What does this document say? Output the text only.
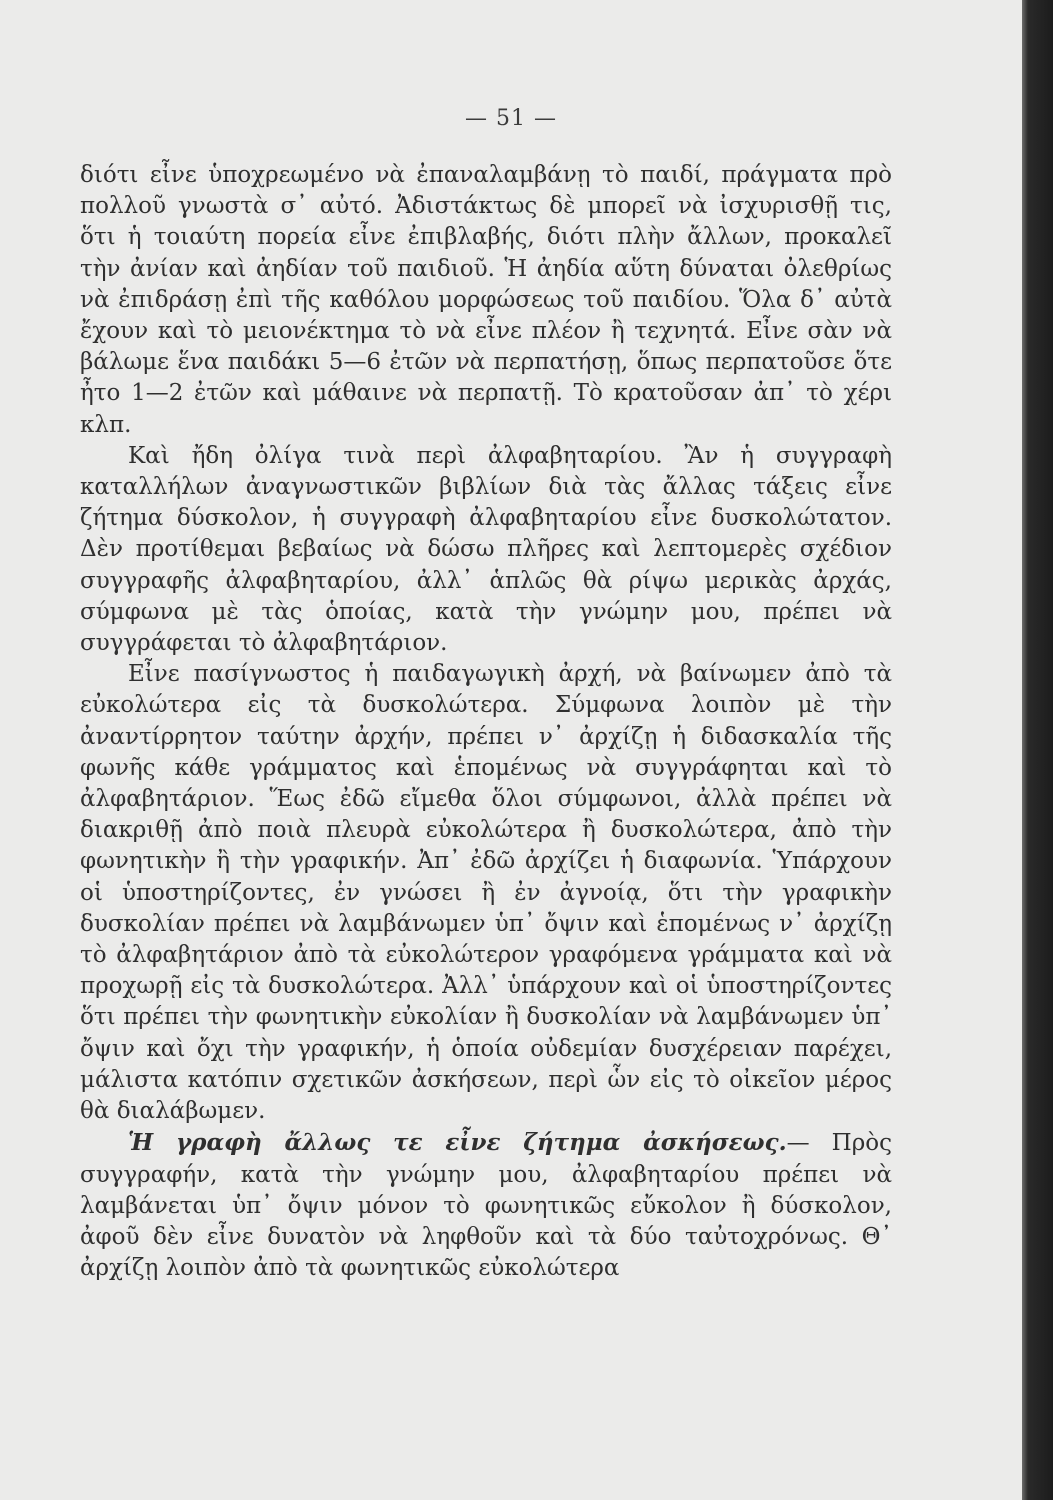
— 51 —

διότι εἶνε ὑποχρεωμένο νὰ ἐπαναλαμβάνῃ τὸ παιδί, πράγματα πρὸ πολλοῦ γνωστὰ σ᾿ αὐτό. Ἀδιστάκτως δὲ μπορεῖ νὰ ἰσχυρισθῇ τις, ὅτι ἡ τοιαύτη πορεία εἶνε ἐπιβλαβής, διότι πλὴν ἄλλων, προκαλεῖ τὴν ἀνίαν καὶ ἀηδίαν τοῦ παιδιοῦ. Ἡ ἀηδία αὕτη δύναται ὀλεθρίως νὰ ἐπιδράσῃ ἐπὶ τῆς καθόλου μορφώσεως τοῦ παιδίου. Ὅλα δ᾿ αὐτὰ ἔχουν καὶ τὸ μειονέκτημα τὸ νὰ εἶνε πλέον ἢ τεχνητά. Εἶνε σὰν νὰ βάλωμε ἕνα παιδάκι 5—6 ἐτῶν νὰ περπατήσῃ, ὅπως περπατοῦσε ὅτε ἦτο 1—2 ἐτῶν καὶ μάθαινε νὰ περπατῇ. Τὸ κρατοῦσαν ἀπ᾿ τὸ χέρι κλπ.

Καὶ ἤδη ὀλίγα τινὰ περὶ ἀλφαβηταρίου. Ἂν ἡ συγγραφὴ καταλλήλων ἀναγνωστικῶν βιβλίων διὰ τὰς ἄλλας τάξεις εἶνε ζήτημα δύσκολον, ἡ συγγραφὴ ἀλφαβηταρίου εἶνε δυσκολώτατον. Δὲν προτίθεμαι βεβαίως νὰ δώσω πλῆρες καὶ λεπτομερὲς σχέδιον συγγραφῆς ἀλφαβηταρίου, ἀλλ᾿ ἁπλῶς θὰ ρίψω μερικὰς ἀρχάς, σύμφωνα μὲ τὰς ὁποίας, κατὰ τὴν γνώμην μου, πρέπει νὰ συγγράφεται τὸ ἀλφαβητάριον.

Εἶνε πασίγνωστος ἡ παιδαγωγικὴ ἀρχή, νὰ βαίνωμεν ἀπὸ τὰ εὐκολώτερα εἰς τὰ δυσκολώτερα. Σύμφωνα λοιπὸν μὲ τὴν ἀναντίρρητον ταύτην ἀρχήν, πρέπει ν᾿ ἀρχίζῃ ἡ διδασκαλία τῆς φωνῆς κάθε γράμματος καὶ ἑπομένως νὰ συγγράφηται καὶ τὸ ἀλφαβητάριον. Ἕως ἐδῶ εἴμεθα ὅλοι σύμφωνοι, ἀλλὰ πρέπει νὰ διακριθῇ ἀπὸ ποιὰ πλευρὰ εὐκολώτερα ἢ δυσκολώτερα, ἀπὸ τὴν φωνητικὴν ἢ τὴν γραφικήν. Ἀπ᾿ ἐδῶ ἀρχίζει ἡ διαφωνία. Ὑπάρχουν οἱ ὑποστηρίζοντες, ἐν γνώσει ἢ ἐν ἀγνοίᾳ, ὅτι τὴν γραφικὴν δυσκολίαν πρέπει νὰ λαμβάνωμεν ὑπ᾿ ὄψιν καὶ ἑπομένως ν᾿ ἀρχίζῃ τὸ ἀλφαβητάριον ἀπὸ τὰ εὐκολώτερον γραφόμενα γράμματα καὶ νὰ προχωρῇ εἰς τὰ δυσκολώτερα. Ἀλλ᾿ ὑπάρχουν καὶ οἱ ὑποστηρίζοντες ὅτι πρέπει τὴν φωνητικὴν εὐκολίαν ἢ δυσκολίαν νὰ λαμβάνωμεν ὑπ᾿ ὄψιν καὶ ὄχι τὴν γραφικήν, ἡ ὁποία οὐδεμίαν δυσχέρειαν παρέχει, μάλιστα κατόπιν σχετικῶν ἀσκήσεων, περὶ ὧν εἰς τὸ οἰκεῖον μέρος θὰ διαλάβωμεν.

Ἡ γραφὴ ἄλλως τε εἶνε ζήτημα ἀσκήσεως.— Πρὸς συγγραφήν, κατὰ τὴν γνώμην μου, ἀλφαβηταρίου πρέπει νὰ λαμβάνεται ὑπ᾿ ὄψιν μόνον τὸ φωνητικῶς εὔκολον ἢ δύσκολον, ἀφοῦ δὲν εἶνε δυνατὸν νὰ ληφθοῦν καὶ τὰ δύο ταὐτοχρόνως. Θ᾿ ἀρχίζῃ λοιπὸν ἀπὸ τὰ φωνητικῶς εὐκολώτερα
